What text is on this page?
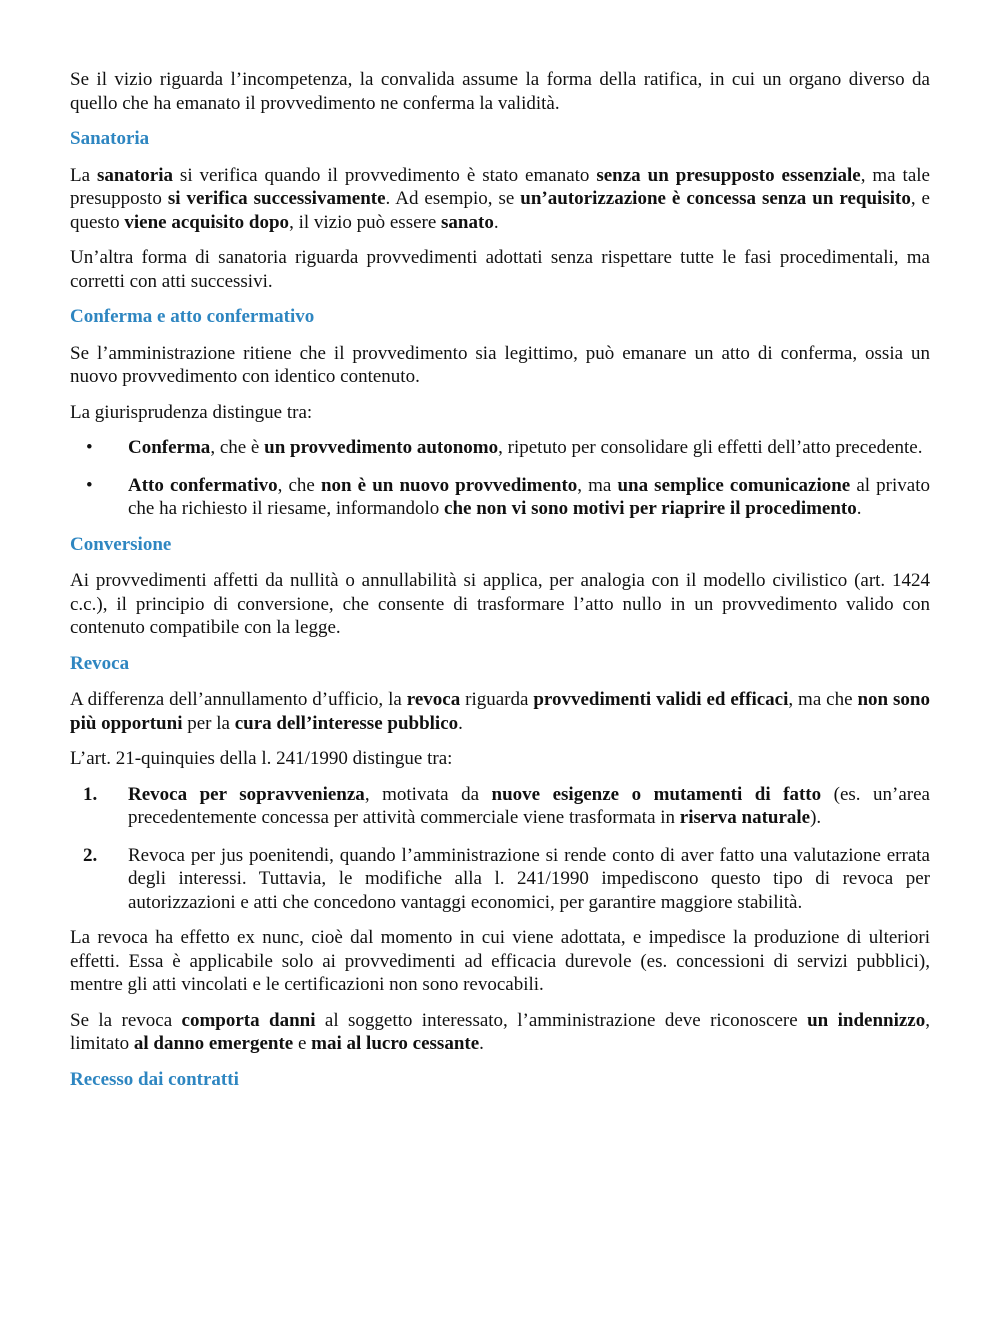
Se il vizio riguarda l’incompetenza, la convalida assume la forma della ratifica, in cui un organo diverso da quello che ha emanato il provvedimento ne conferma la validità.

Sanatoria

La sanatoria si verifica quando il provvedimento è stato emanato senza un presupposto essenziale, ma tale presupposto si verifica successivamente. Ad esempio, se un’autorizzazione è concessa senza un requisito, e questo viene acquisito dopo, il vizio può essere sanato.

Un’altra forma di sanatoria riguarda provvedimenti adottati senza rispettare tutte le fasi procedimentali, ma corretti con atti successivi.

Conferma e atto confermativo

Se l’amministrazione ritiene che il provvedimento sia legittimo, può emanare un atto di conferma, ossia un nuovo provvedimento con identico contenuto.

La giurisprudenza distingue tra:

• Conferma, che è un provvedimento autonomo, ripetuto per consolidare gli effetti dell’atto precedente.
• Atto confermativo, che non è un nuovo provvedimento, ma una semplice comunicazione al privato che ha richiesto il riesame, informandolo che non vi sono motivi per riaprire il procedimento.
Conversione

Ai provvedimenti affetti da nullità o annullabilità si applica, per analogia con il modello civilistico (art. 1424 c.c.), il principio di conversione, che consente di trasformare l’atto nullo in un provvedimento valido con contenuto compatibile con la legge.

Revoca

A differenza dell’annullamento d’ufficio, la revoca riguarda provvedimenti validi ed efficaci, ma che non sono più opportuni per la cura dell’interesse pubblico.

L’art. 21-quinquies della l. 241/1990 distingue tra:

1. Revoca per sopravvenienza, motivata da nuove esigenze o mutamenti di fatto (es. un’area precedentemente concessa per attività commerciale viene trasformata in riserva naturale).
2. Revoca per jus poenitendi, quando l’amministrazione si rende conto di aver fatto una valutazione errata degli interessi. Tuttavia, le modifiche alla l. 241/1990 impediscono questo tipo di revoca per autorizzazioni e atti che concedono vantaggi economici, per garantire maggiore stabilità.

La revoca ha effetto ex nunc, cioè dal momento in cui viene adottata, e impedisce la produzione di ulteriori effetti. Essa è applicabile solo ai provvedimenti ad efficacia durevole (es. concessioni di servizi pubblici), mentre gli atti vincolati e le certificazioni non sono revocabili.

Se la revoca comporta danni al soggetto interessato, l’amministrazione deve riconoscere un indennizzo, limitato al danno emergente e mai al lucro cessante.

Recesso dai contratti
